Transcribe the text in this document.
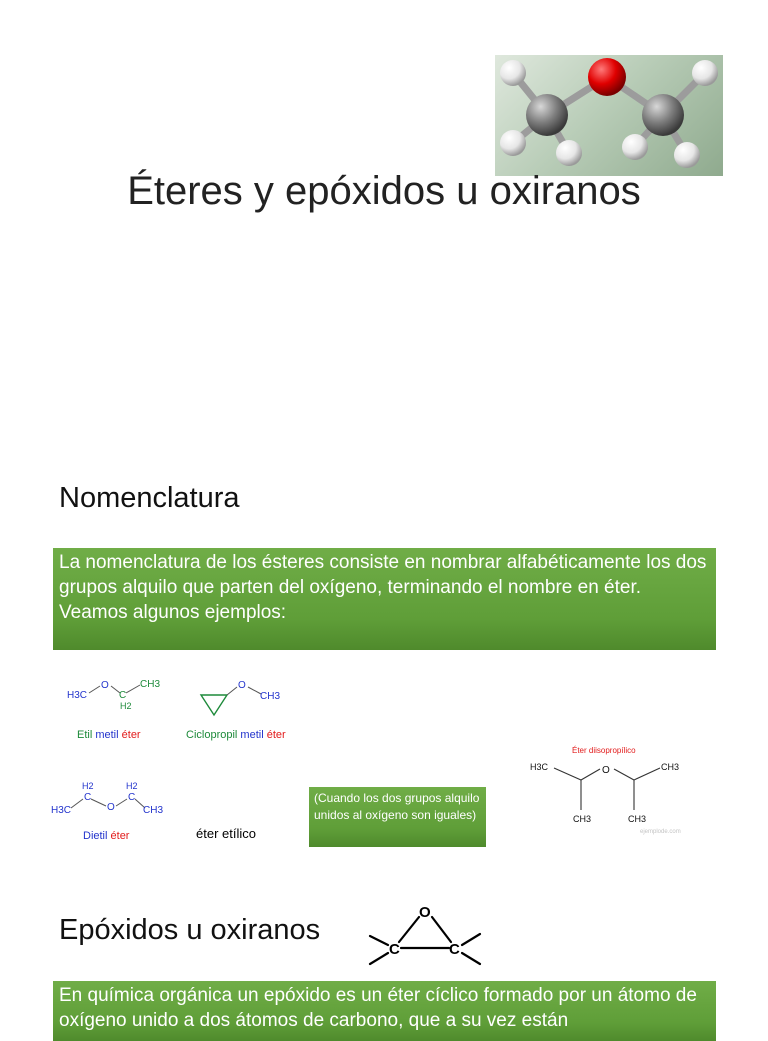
Éteres y epóxidos u oxiranos
Nomenclatura
La nomenclatura de los ésteres consiste en nombrar alfabéticamente los dos grupos alquilo que parten del oxígeno, terminando el nombre en éter. Veamos algunos ejemplos:
H3C
O
C
H2
CH3
Etil metil éter
O
CH3
Ciclopropil metil éter
Éter diisopropílico
H3C	O	CH3
CH3	CH3
ejemplode.com
H3C
H2
C
O
H2
C
CH3
Dietil éter	éter etílico
(Cuando los dos grupos alquilo unidos al oxígeno son iguales)
Epóxidos u oxiranos
O
C	C
En química orgánica un epóxido es un éter cíclico formado por un átomo de oxígeno unido a dos átomos de carbono, que a su vez están
